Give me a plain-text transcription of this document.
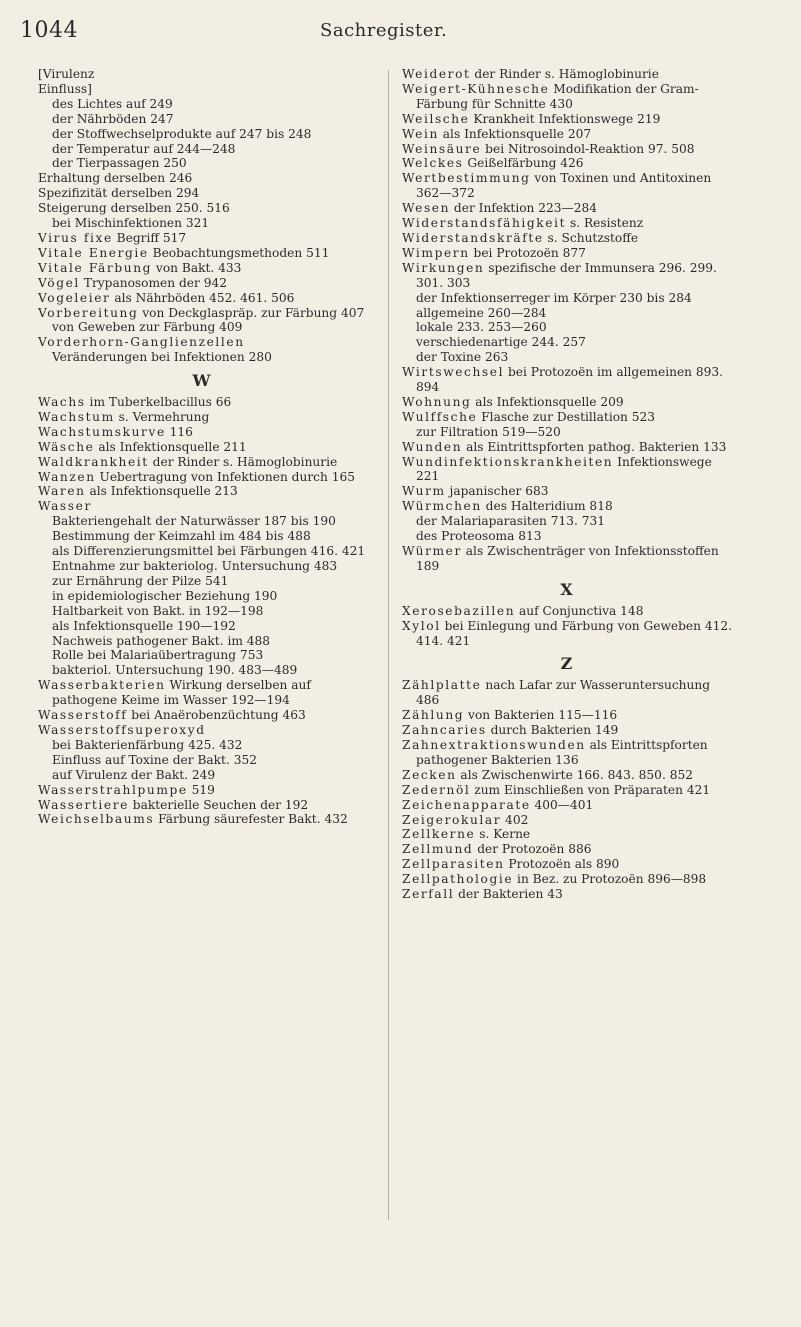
1044	Sachregister.
[Virulenz
Einfluss]
des Lichtes auf 249
der Nährböden 247
der Stoffwechselprodukte auf 247 bis 248
der Temperatur auf 244—248
der Tierpassagen 250
Erhaltung derselben 246
Spezifizität derselben 294
Steigerung derselben 250. 516
bei Mischinfektionen 321
Virus fixe Begriff 517
Vitale Energie Beobachtungsmethoden 511
Vitale Färbung von Bakt. 433
Vögel Trypanosomen der 942
Vogeleier als Nährböden 452. 461. 506
Vorbereitung von Deckglaspräp. zur Färbung 407
von Geweben zur Färbung 409
Vorderhorn-Ganglienzellen
Veränderungen bei Infektionen 280
W
Wachs im Tuberkelbacillus 66
Wachstum s. Vermehrung
Wachstumskurve 116
Wäsche als Infektionsquelle 211
Waldkrankheit der Rinder s. Hämoglobinurie
Wanzen Uebertragung von Infektionen durch 165
Waren als Infektionsquelle 213
Wasser
Bakteriengehalt der Naturwässer 187 bis 190
Bestimmung der Keimzahl im 484 bis 488
als Differenzierungsmittel bei Färbungen 416. 421
Entnahme zur bakteriolog. Untersuchung 483
zur Ernährung der Pilze 541
in epidemiologischer Beziehung 190
Haltbarkeit von Bakt. in 192—198
als Infektionsquelle 190—192
Nachweis pathogener Bakt. im 488
Rolle bei Malariaübertragung 753
bakteriol. Untersuchung 190. 483—489
Wasserbakterien Wirkung derselben auf pathogene Keime im Wasser 192—194
Wasserstoff bei Anaërobenzüchtung 463
Wasserstoffsuperoxyd
bei Bakterienfärbung 425. 432
Einfluss auf Toxine der Bakt. 352
auf Virulenz der Bakt. 249
Wasserstrahlpumpe 519
Wassertiere bakterielle Seuchen der 192
Weichselbaums Färbung säurefester Bakt. 432
Weiderot der Rinder s. Hämoglobinurie
Weigert-Kühnesche Modifikation der Gram-Färbung für Schnitte 430
Weilsche Krankheit Infektionswege 219
Wein als Infektionsquelle 207
Weinsäure bei Nitrosoindol-Reaktion 97. 508
Welckes Geißelfärbung 426
Wertbestimmung von Toxinen und Antitoxinen 362—372
Wesen der Infektion 223—284
Widerstandsfähigkeit s. Resistenz
Widerstandskräfte s. Schutzstoffe
Wimpern bei Protozoën 877
Wirkungen spezifische der Immunsera 296. 299. 301. 303
der Infektionserreger im Körper 230 bis 284
allgemeine 260—284
lokale 233. 253—260
verschiedenartige 244. 257
der Toxine 263
Wirtswechsel bei Protozoën im allgemeinen 893. 894
Wohnung als Infektionsquelle 209
Wulffsche Flasche zur Destillation 523
zur Filtration 519—520
Wunden als Eintrittspforten pathog. Bakterien 133
Wundinfektionskrankheiten Infektionswege 221
Wurm japanischer 683
Würmchen des Halteridium 818
der Malariaparasiten 713. 731
des Proteosoma 813
Würmer als Zwischenträger von Infektionsstoffen 189
X
Xerosebazillen auf Conjunctiva 148
Xylol bei Einlegung und Färbung von Geweben 412. 414. 421
Z
Zählplatte nach Lafar zur Wasseruntersuchung 486
Zählung von Bakterien 115—116
Zahncaries durch Bakterien 149
Zahnextraktionswunden als Eintrittspforten pathogener Bakterien 136
Zecken als Zwischenwirte 166. 843. 850. 852
Zedernöl zum Einschließen von Präparaten 421
Zeichenapparate 400—401
Zeigerokular 402
Zellkerne s. Kerne
Zellmund der Protozoën 886
Zellparasiten Protozoën als 890
Zellpathologie in Bez. zu Protozoën 896—898
Zerfall der Bakterien 43
